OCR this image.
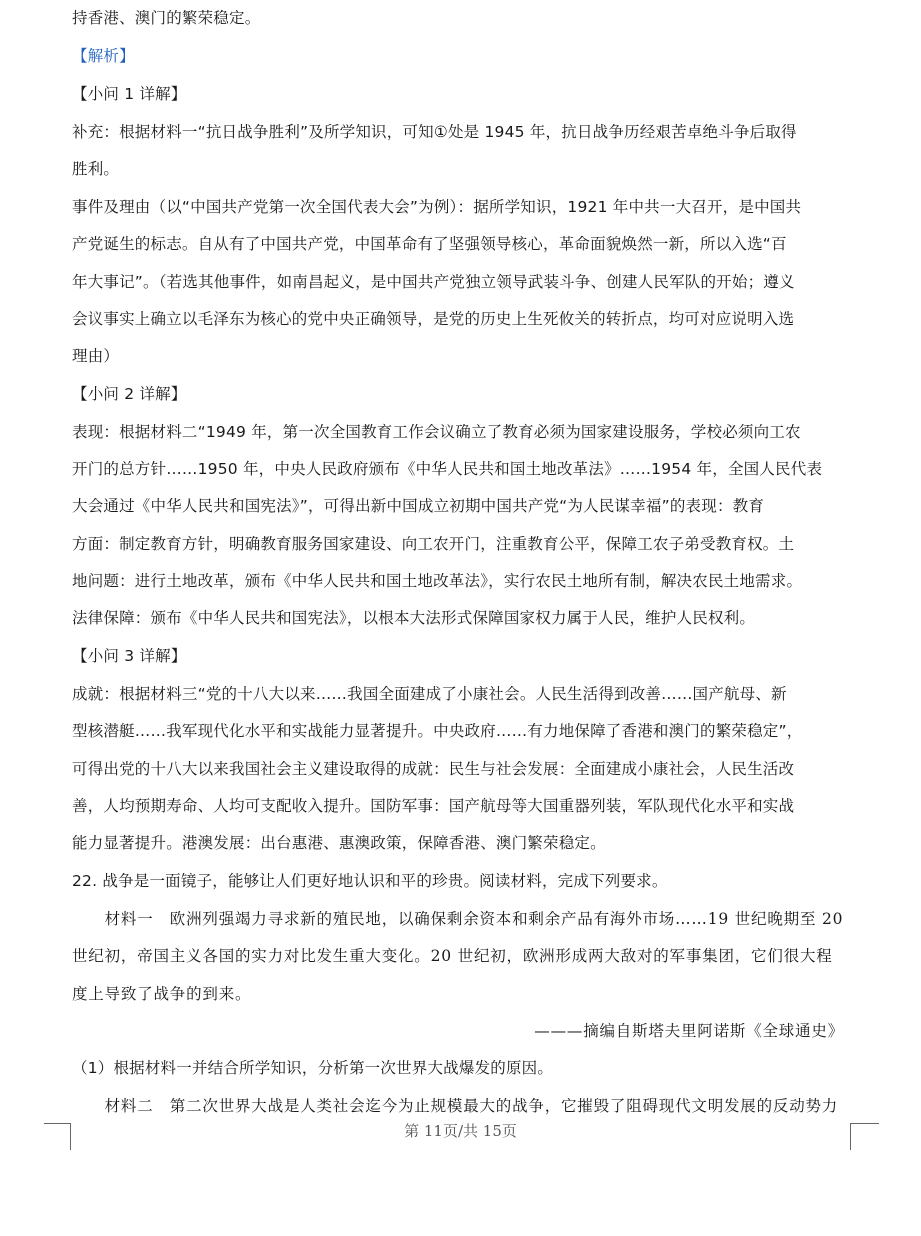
持香港、澳门的繁荣稳定。
【解析】
【小问 1 详解】
补充：根据材料一“抗日战争胜利”及所学知识，可知①处是 1945 年，抗日战争历经艰苦卓绝斗争后取得
胜利。
事件及理由（以“中国共产党第一次全国代表大会”为例）：据所学知识，1921 年中共一大召开，是中国共
产党诞生的标志。自从有了中国共产党，中国革命有了坚强领导核心，革命面貌焕然一新，所以入选“百
年大事记”。（若选其他事件，如南昌起义，是中国共产党独立领导武装斗争、创建人民军队的开始；遵义
会议事实上确立以毛泽东为核心的党中央正确领导，是党的历史上生死攸关的转折点，均可对应说明入选
理由）
【小问 2 详解】
表现：根据材料二“1949 年，第一次全国教育工作会议确立了教育必须为国家建设服务，学校必须向工农
开门的总方针……1950 年，中央人民政府颁布《中华人民共和国土地改革法》……1954 年，全国人民代表
大会通过《中华人民共和国宪法》”，可得出新中国成立初期中国共产党“为人民谋幸福”的表现：教育
方面：制定教育方针，明确教育服务国家建设、向工农开门，注重教育公平，保障工农子弟受教育权。土
地问题：进行土地改革，颁布《中华人民共和国土地改革法》，实行农民土地所有制，解决农民土地需求。
法律保障：颁布《中华人民共和国宪法》，以根本大法形式保障国家权力属于人民，维护人民权利。
【小问 3 详解】
成就：根据材料三“党的十八大以来……我国全面建成了小康社会。人民生活得到改善……国产航母、新
型核潜艇……我军现代化水平和实战能力显著提升。中央政府……有力地保障了香港和澳门的繁荣稳定”，
可得出党的十八大以来我国社会主义建设取得的成就：民生与社会发展：全面建成小康社会，人民生活改
善，人均预期寿命、人均可支配收入提升。国防军事：国产航母等大国重器列装，军队现代化水平和实战
能力显著提升。港澳发展：出台惠港、惠澳政策，保障香港、澳门繁荣稳定。
22. 战争是一面镜子，能够让人们更好地认识和平的珍贵。阅读材料，完成下列要求。
　　材料一　欧洲列强竭力寻求新的殖民地，以确保剩余资本和剩余产品有海外市场……19 世纪晚期至 20
世纪初，帝国主义各国的实力对比发生重大变化。20 世纪初，欧洲形成两大敌对的军事集团，它们很大程
度上导致了战争的到来。
———摘编自斯塔夫里阿诺斯《全球通史》
（1）根据材料一并结合所学知识，分析第一次世界大战爆发的原因。
　　材料二　第二次世界大战是人类社会迄今为止规模最大的战争，它摧毁了阻碍现代文明发展的反动势力
第 11页/共 15页
